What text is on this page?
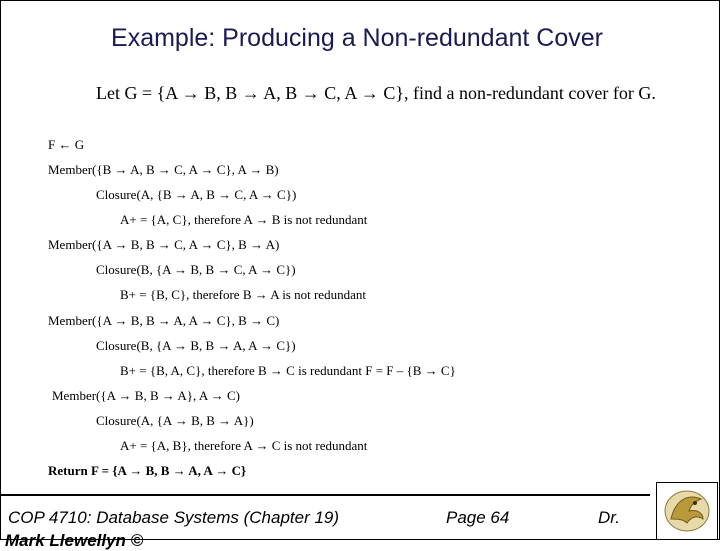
Example: Producing a Non-redundant Cover
Let G = {A → B, B → A, B → C, A → C}, find a non-redundant cover for G.
F ← G
Member({B → A, B → C, A → C}, A → B)
Closure(A, {B → A, B → C, A → C})
A+ = {A, C}, therefore A → B is not redundant
Member({A → B, B → C, A → C}, B → A)
Closure(B, {A → B, B → C, A → C})
B+ = {B, C}, therefore B → A is not redundant
Member({A → B, B → A, A → C}, B → C)
Closure(B, {A → B, B → A, A → C})
B+ = {B, A, C}, therefore B → C is redundant F = F – {B → C}
Member({A → B, B → A}, A → C)
Closure(A, {A → B, B → A})
A+ = {A, B}, therefore A → C is not redundant
Return F = {A → B, B → A, A → C}
COP 4710: Database Systems (Chapter 19)	Page 64	Dr.
Mark Llewellyn ©
